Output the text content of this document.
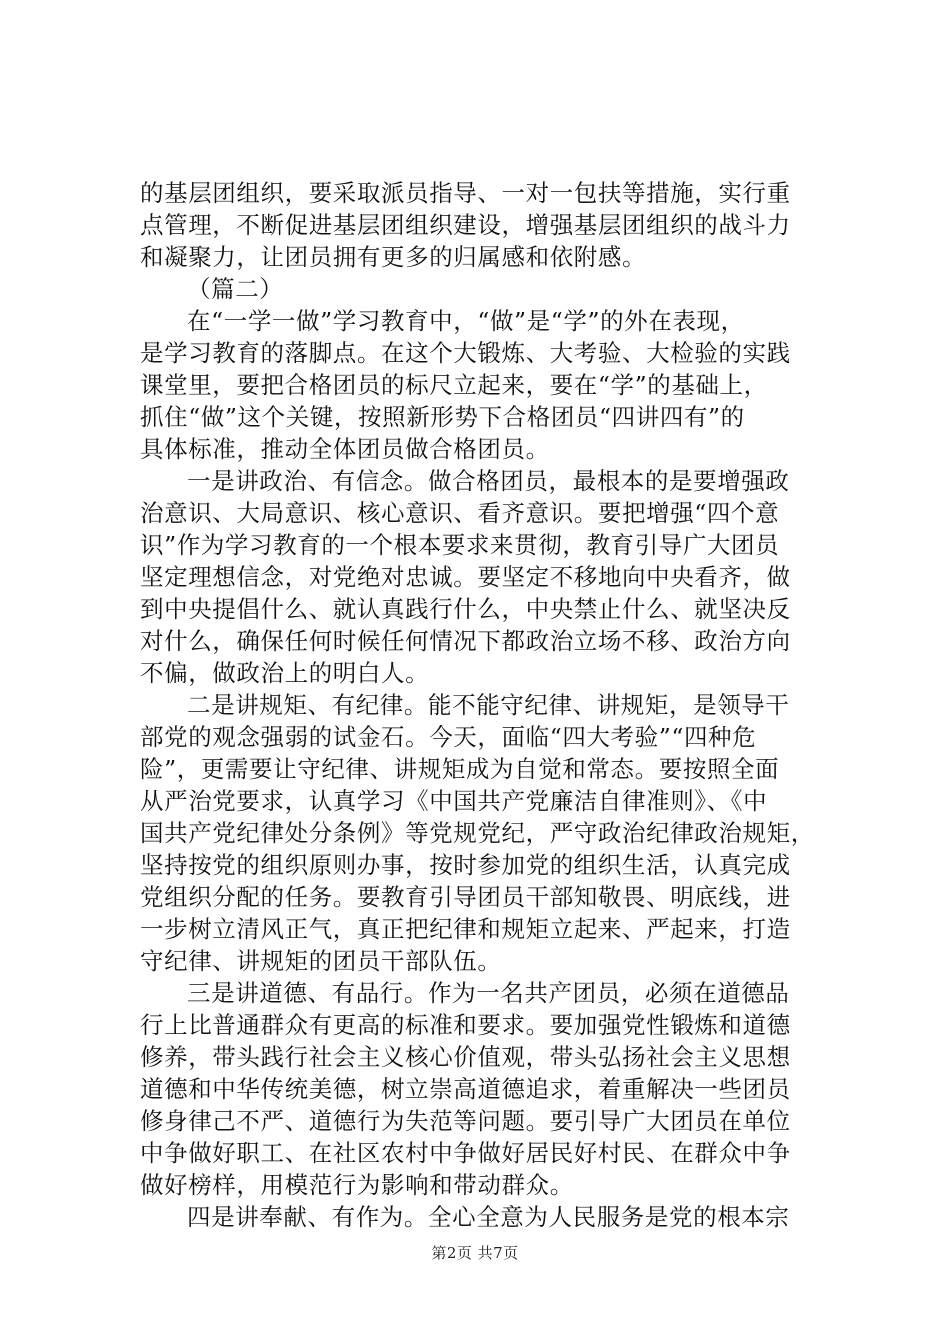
的基层团组织，要采取派员指导、一对一包扶等措施，实行重
点管理，不断促进基层团组织建设，增强基层团组织的战斗力
和凝聚力，让团员拥有更多的归属感和依附感。
（篇二）
在“一学一做”学习教育中，“做”是“学”的外在表现，
是学习教育的落脚点。在这个大锻炼、大考验、大检验的实践
课堂里，要把合格团员的标尺立起来，要在“学”的基础上，
抓住“做”这个关键，按照新形势下合格团员“四讲四有”的
具体标准，推动全体团员做合格团员。
一是讲政治、有信念。做合格团员，最根本的是要增强政
治意识、大局意识、核心意识、看齐意识。要把增强“四个意
识”作为学习教育的一个根本要求来贯彻，教育引导广大团员
坚定理想信念，对党绝对忠诚。要坚定不移地向中央看齐，做
到中央提倡什么、就认真践行什么，中央禁止什么、就坚决反
对什么，确保任何时候任何情况下都政治立场不移、政治方向
不偏，做政治上的明白人。
二是讲规矩、有纪律。能不能守纪律、讲规矩，是领导干
部党的观念强弱的试金石。今天，面临“四大考验”“四种危
险”，更需要让守纪律、讲规矩成为自觉和常态。要按照全面
从严治党要求，认真学习《中国共产党廉洁自律准则》、《中
国共产党纪律处分条例》等党规党纪，严守政治纪律政治规矩，
坚持按党的组织原则办事，按时参加党的组织生活，认真完成
党组织分配的任务。要教育引导团员干部知敬畏、明底线，进
一步树立清风正气，真正把纪律和规矩立起来、严起来，打造
守纪律、讲规矩的团员干部队伍。
三是讲道德、有品行。作为一名共产团员，必须在道德品
行上比普通群众有更高的标准和要求。要加强党性锻炼和道德
修养，带头践行社会主义核心价值观，带头弘扬社会主义思想
道德和中华传统美德，树立崇高道德追求，着重解决一些团员
修身律己不严、道德行为失范等问题。要引导广大团员在单位
中争做好职工、在社区农村中争做好居民好村民、在群众中争
做好榜样，用模范行为影响和带动群众。
四是讲奉献、有作为。全心全意为人民服务是党的根本宗
第2页 共7页
